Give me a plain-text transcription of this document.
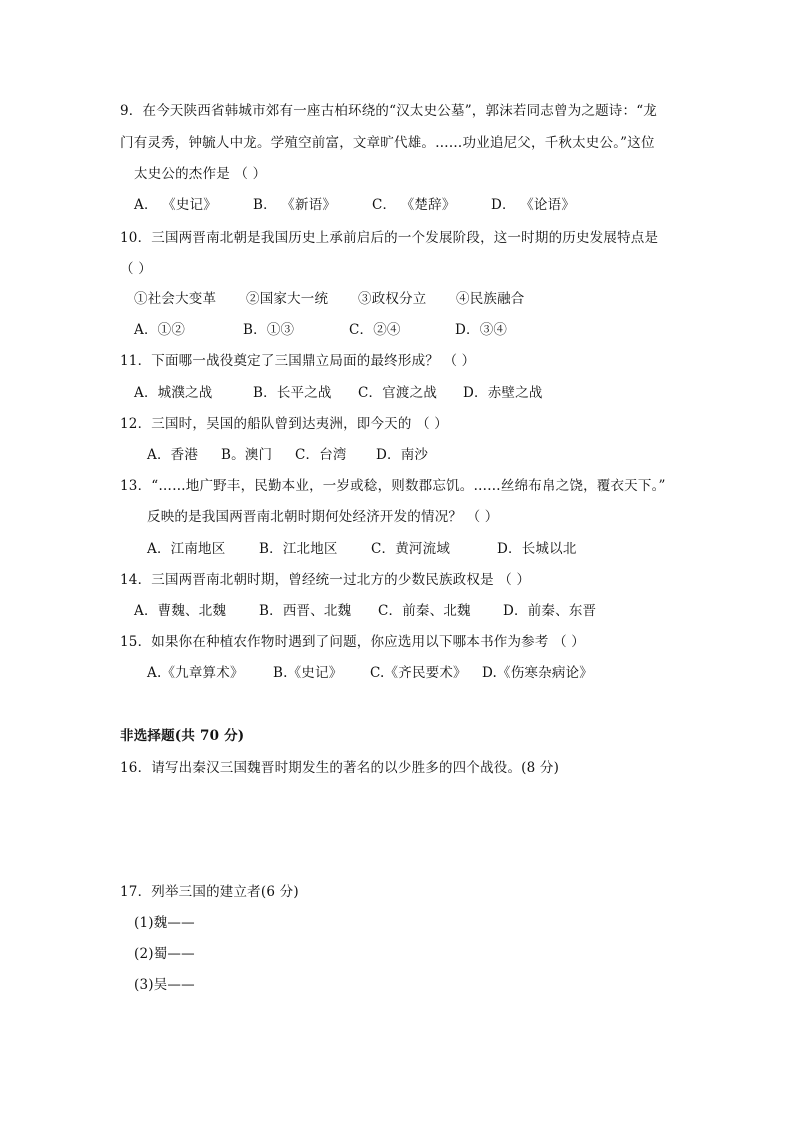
9．在今天陕西省韩城市郊有一座古柏环绕的“汉太史公墓”，郭沫若同志曾为之题诗：“龙
门有灵秀，钟毓人中龙。学殖空前富，文章旷代雄。……功业追尼父，千秋太史公。”这位
太史公的杰作是 （ ）
A． 《史记》	B． 《新语》	C． 《楚辞》	D． 《论语》
10．三国两晋南北朝是我国历史上承前启后的一个发展阶段，这一时期的历史发展特点是
（ ）
①社会大变革 ②国家大一统 ③政权分立 ④民族融合
A．①②	B．①③	C．②④	D．③④
11．下面哪一战役奠定了三国鼎立局面的最终形成？ （ ）
A．城濮之战	B．长平之战 C．官渡之战 D．赤壁之战
12．三国时，吴国的船队曾到达夷洲，即今天的 （ ）
A．香港 B。澳门 C．台湾 D．南沙
13．“……地广野丰，民勤本业，一岁或稔，则数郡忘饥。……丝绵布帛之饶，覆衣天下。”
反映的是我国两晋南北朝时期何处经济开发的情况？ （ ）
A．江南地区 B．江北地区 C．黄河流域	D．长城以北
14．三国两晋南北朝时期，曾经统一过北方的少数民族政权是 （ ）
A．曹魏、北魏 B．西晋、北魏 C．前秦、北魏 D．前秦、东晋
15．如果你在种植农作物时遇到了问题，你应选用以下哪本书作为参考 （ ）
A.《九章算术》 B.《史记》 C.《齐民要术》 D.《伤寒杂病论》
非选择题(共 70 分)
16．请写出秦汉三国魏晋时期发生的著名的以少胜多的四个战役。(8 分)
17．列举三国的建立者(6 分)
(1)魏——
(2)蜀——
(3)吴——
